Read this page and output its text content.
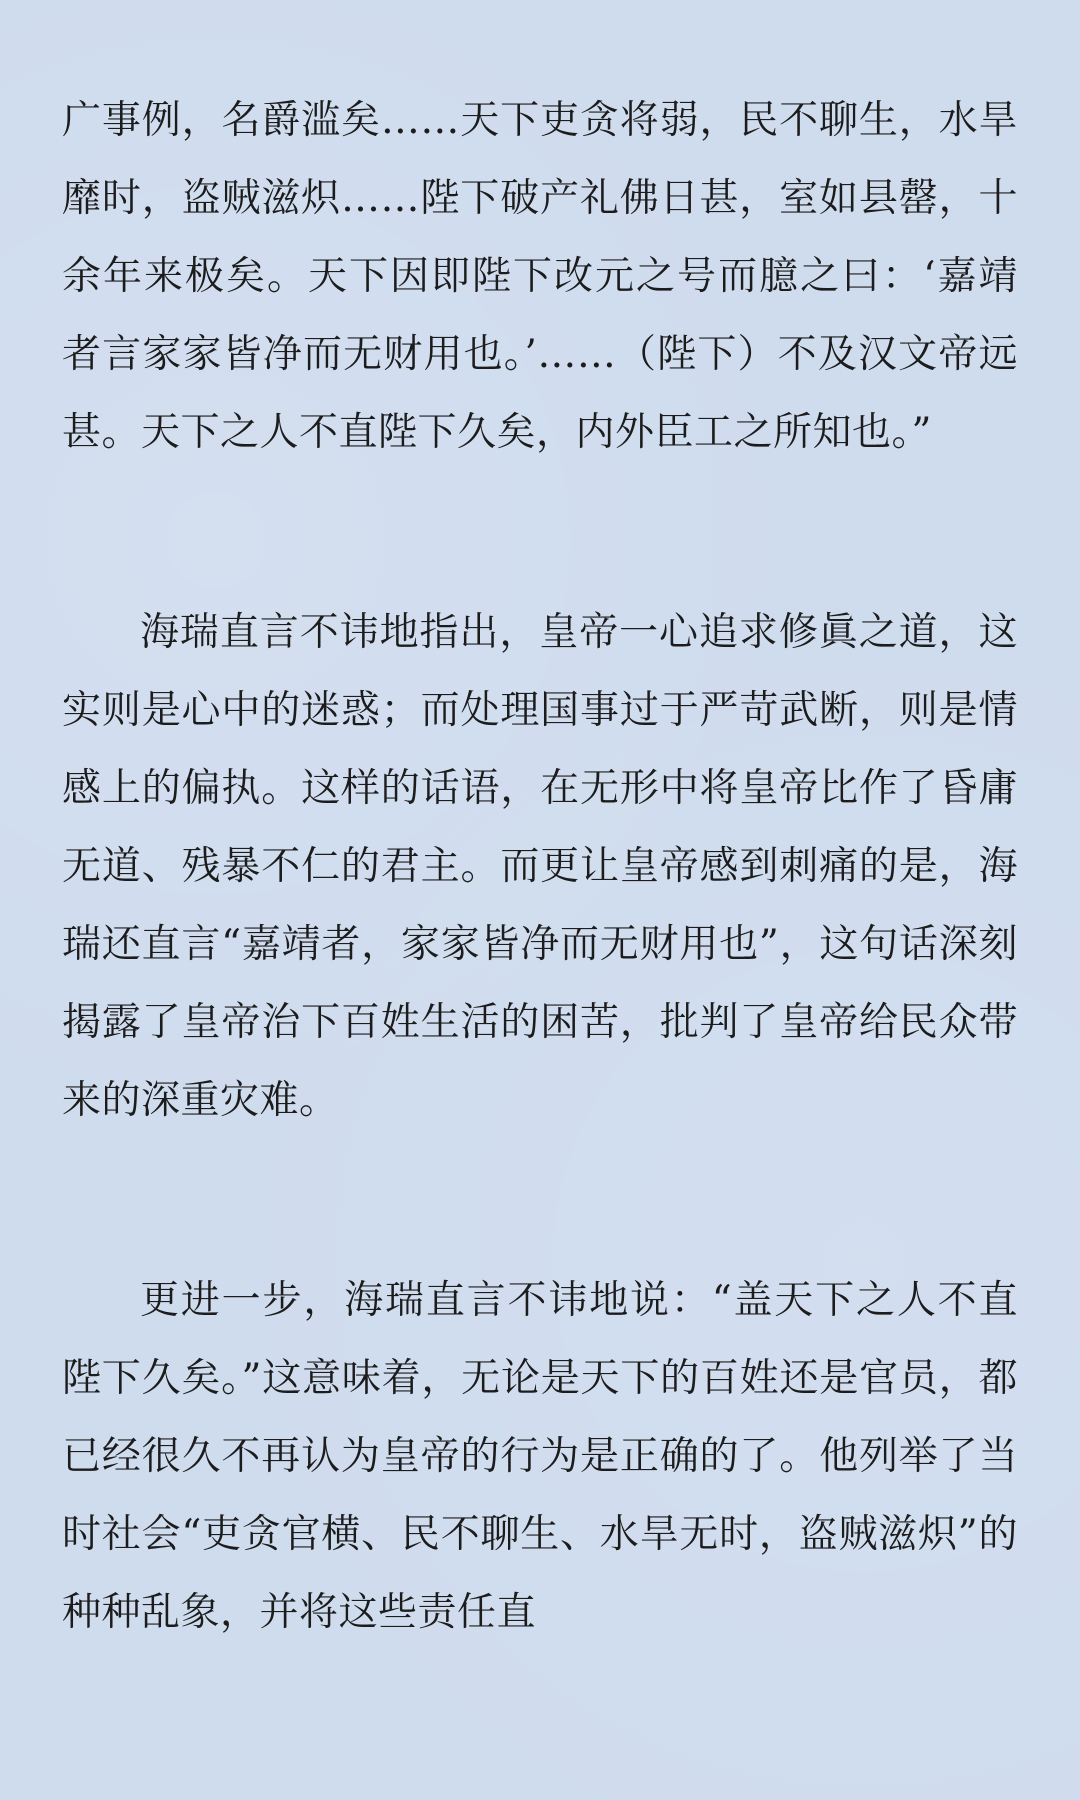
广事例，名爵滥矣……天下吏贪将弱，民不聊生，水旱靡时，盗贼滋炽……陛下破产礼佛日甚，室如县罄，十余年来极矣。天下因即陛下改元之号而臆之曰：‘嘉靖者言家家皆净而无财用也。’……（陛下）不及汉文帝远甚。天下之人不直陛下久矣，内外臣工之所知也。”

海瑞直言不讳地指出，皇帝一心追求修眞之道，这实则是心中的迷惑；而处理国事过于严苛武断，则是情感上的偏执。这样的话语，在无形中将皇帝比作了昏庸无道、残暴不仁的君主。而更让皇帝感到刺痛的是，海瑞还直言“嘉靖者，家家皆净而无财用也”，这句话深刻揭露了皇帝治下百姓生活的困苦，批判了皇帝给民众带来的深重灾难。

更进一步，海瑞直言不讳地说：“盖天下之人不直陛下久矣。”这意味着，无论是天下的百姓还是官员，都已经很久不再认为皇帝的行为是正确的了。他列举了当时社会“吏贪官横、民不聊生、水旱无时，盗贼滋炽”的种种乱象，并将这些责任直
